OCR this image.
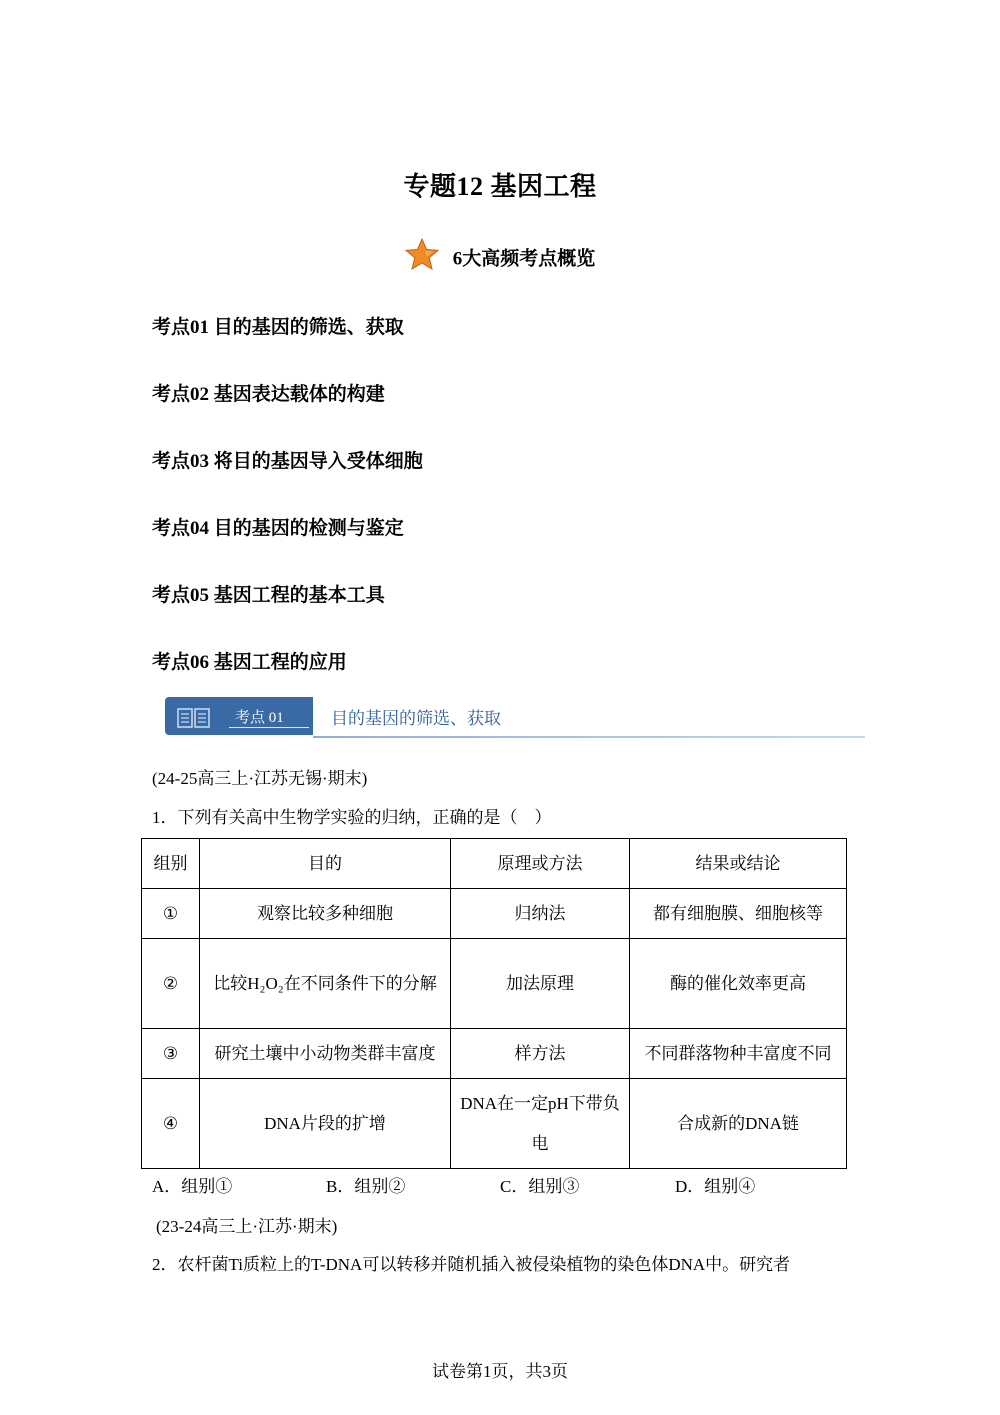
专题12 基因工程
6大高频考点概览
考点01 目的基因的筛选、获取
考点02 基因表达载体的构建
考点03 将目的基因导入受体细胞
考点04 目的基因的检测与鉴定
考点05 基因工程的基本工具
考点06 基因工程的应用
考点 01	目的基因的筛选、获取
(24-25高三上·江苏无锡·期末)
1．下列有关高中生物学实验的归纳，正确的是（　）
组别	目的	原理或方法	结果或结论
①	观察比较多种细胞	归纳法	都有细胞膜、细胞核等
②	比较H₂O₂在不同条件下的分解	加法原理	酶的催化效率更高
③	研究土壤中小动物类群丰富度	样方法	不同群落物种丰富度不同
④	DNA片段的扩增	DNA在一定pH下带负电	合成新的DNA链
A．组别①	B．组别②	C．组别③	D．组别④
(23-24高三上·江苏·期末)
2．农杆菌Ti质粒上的T-DNA可以转移并随机插入被侵染植物的染色体DNA中。研究者
试卷第1页，共3页
